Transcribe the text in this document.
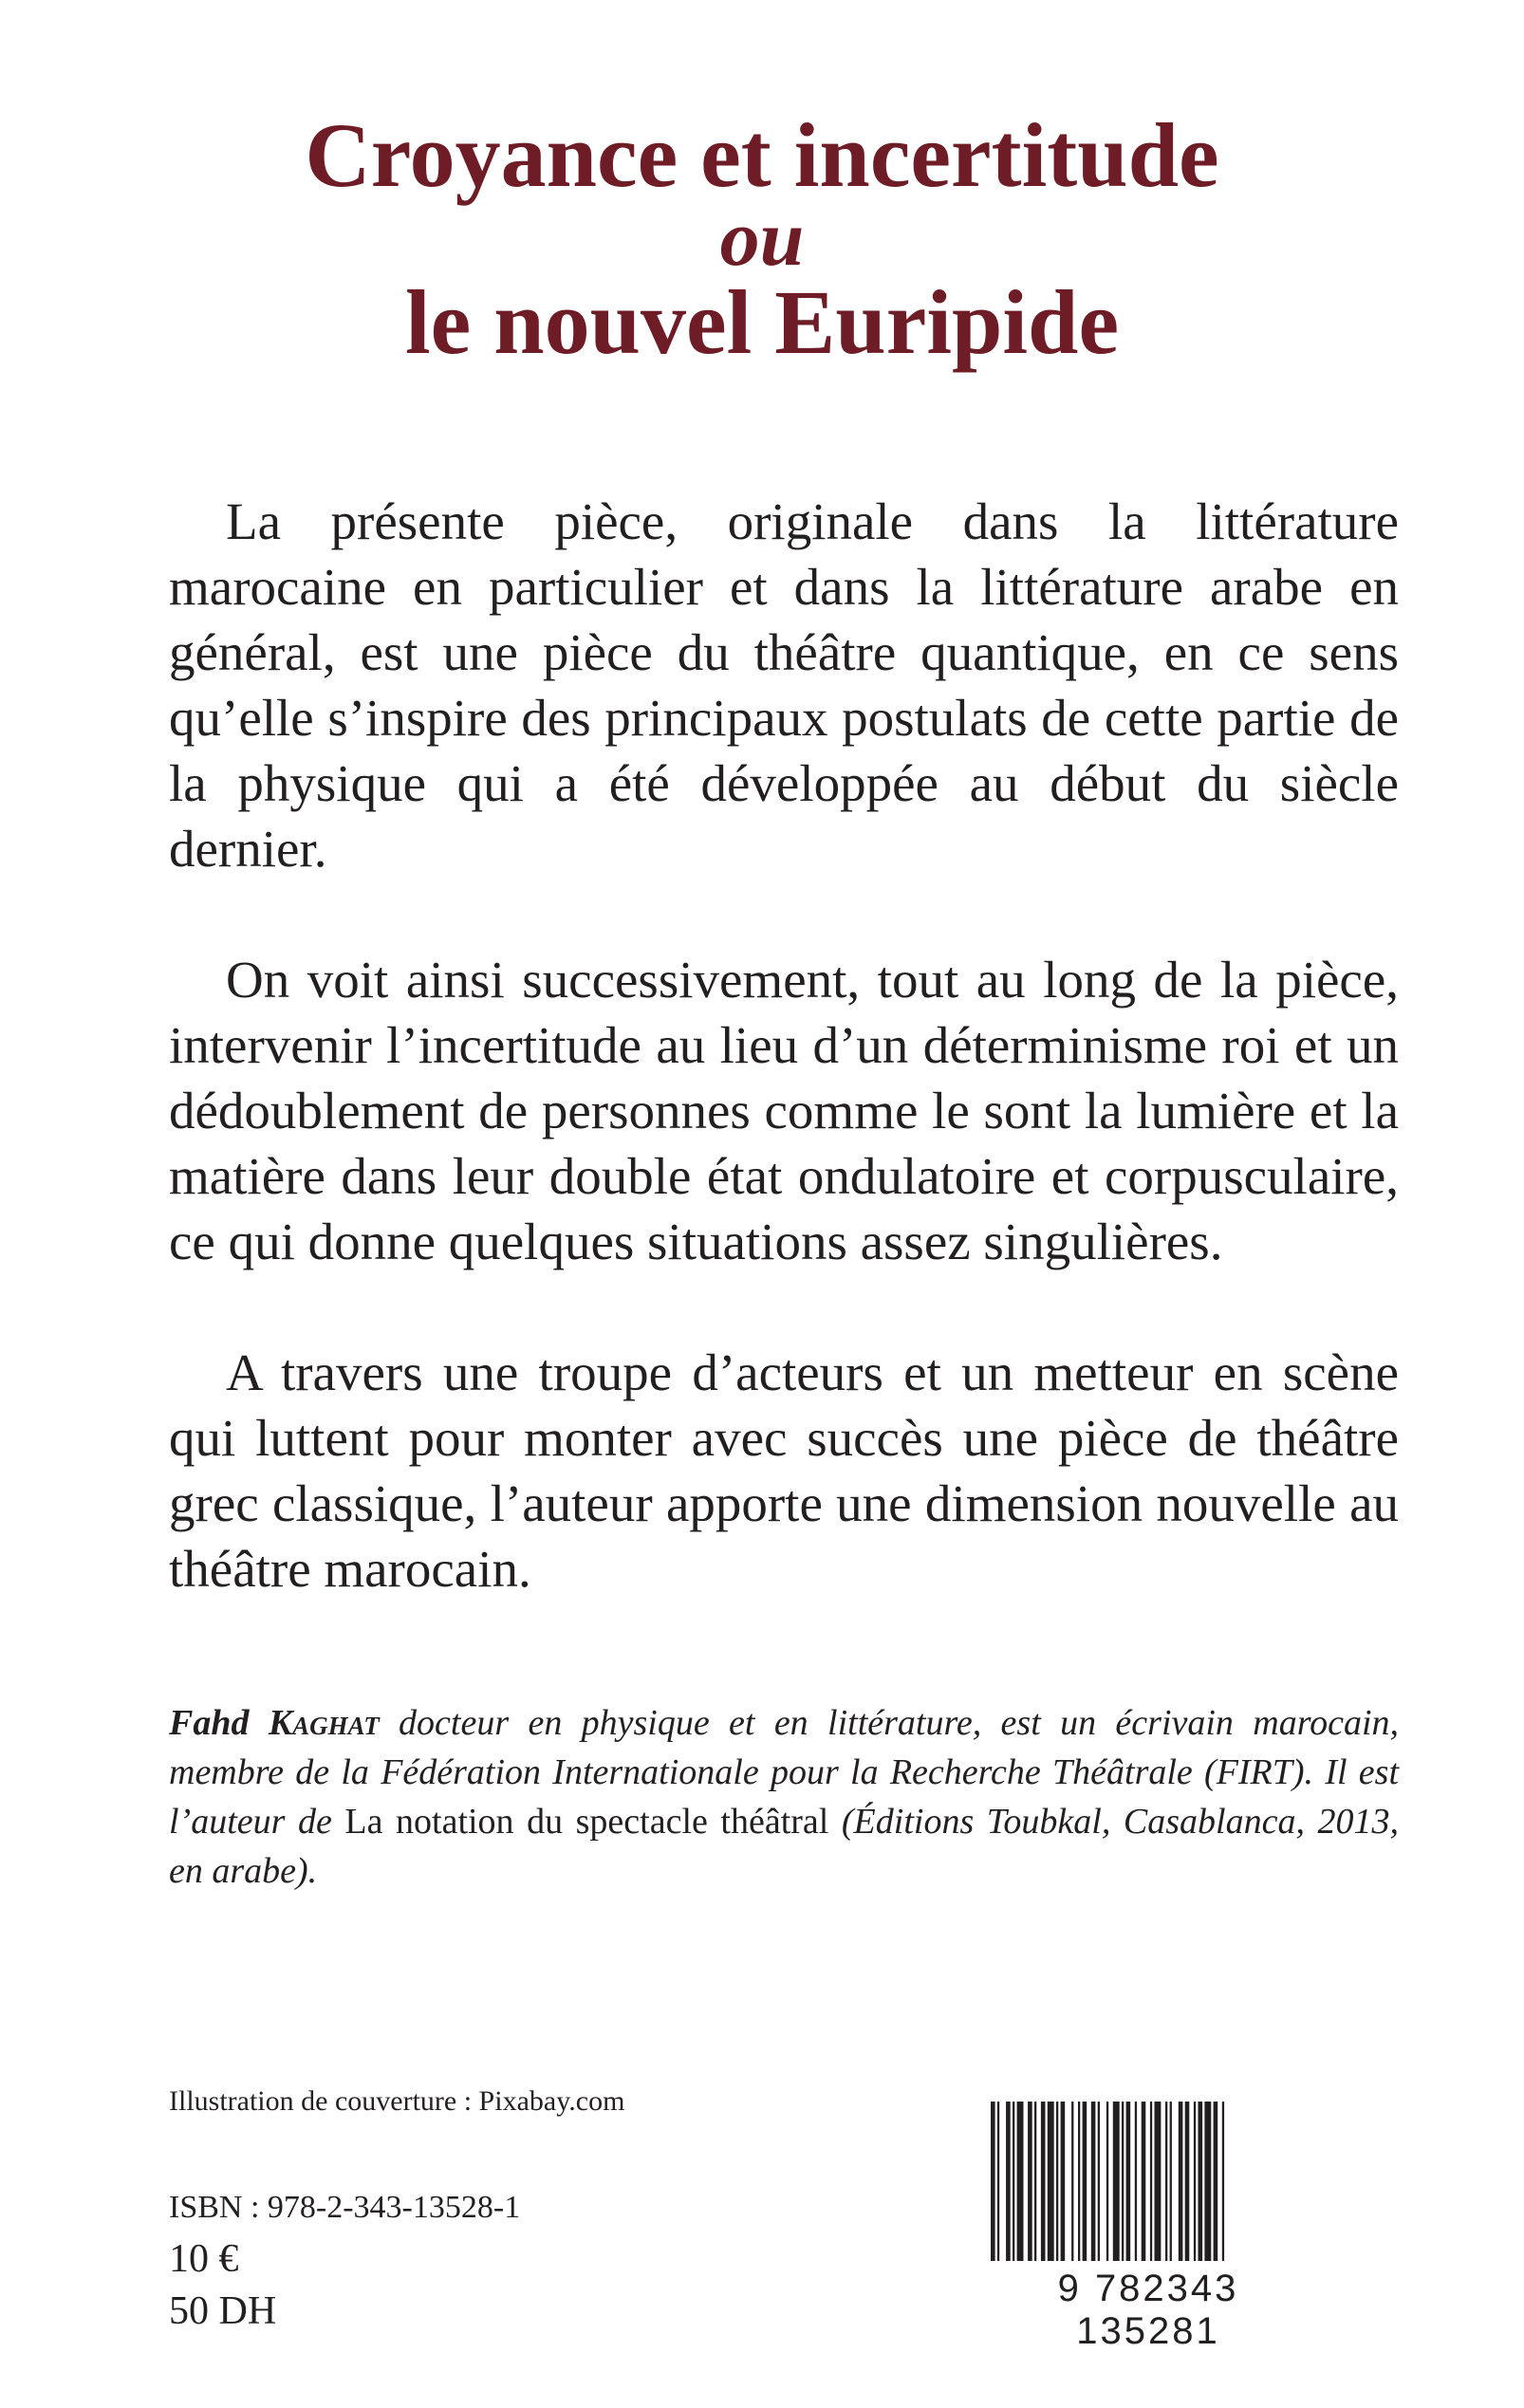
Croyance et incertitude
ou
le nouvel Euripide

La présente pièce, originale dans la littérature marocaine en particulier et dans la littérature arabe en général, est une pièce du théâtre quantique, en ce sens qu’elle s’inspire des principaux postulats de cette partie de la physique qui a été développée au début du siècle dernier.

On voit ainsi successivement, tout au long de la pièce, intervenir l’incertitude au lieu d’un déterminisme roi et un dédoublement de personnes comme le sont la lumière et la matière dans leur double état ondulatoire et corpusculaire, ce qui donne quelques situations assez singulières.

A travers une troupe d’acteurs et un metteur en scène qui luttent pour monter avec succès une pièce de théâtre grec classique, l’auteur apporte une dimension nouvelle au théâtre marocain.

Fahd Kaghat docteur en physique et en littérature, est un écrivain marocain, membre de la Fédération Internationale pour la Recherche Théâtrale (FIRT). Il est l’auteur de La notation du spectacle théâtral (Éditions Toubkal, Casablanca, 2013, en arabe).
Illustration de couverture : Pixabay.com
ISBN : 978-2-343-13528-1
10 €
50 DH
9 782343 135281
